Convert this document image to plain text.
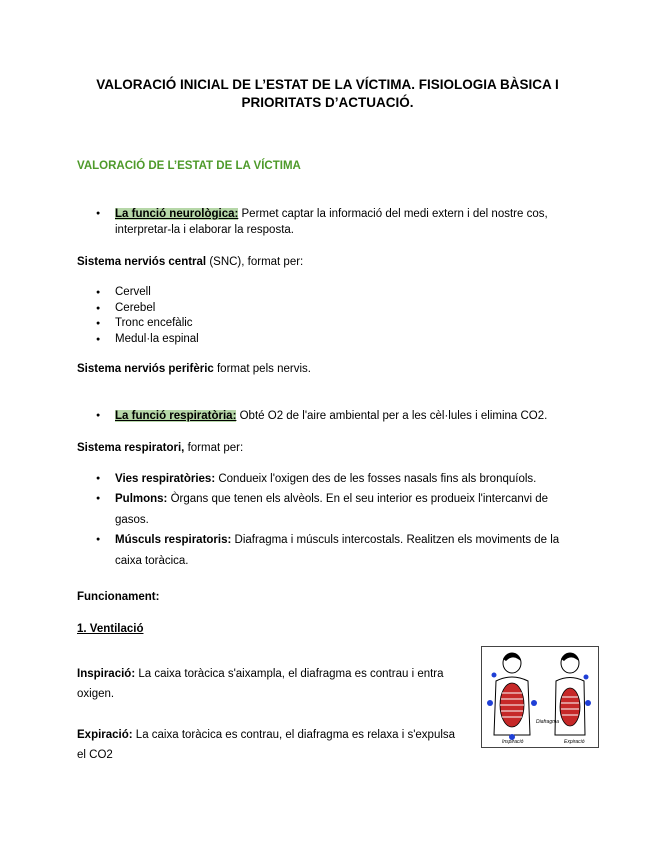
VALORACIÓ INICIAL DE L’ESTAT DE LA VÍCTIMA. FISIOLOGIA BÀSICA I
PRIORITATS D’ACTUACIÓ.
VALORACIÓ DE L’ESTAT DE LA VÍCTIMA
●
La funció neurològica: Permet captar la informació del medi extern i del nostre cos,
interpretar-la i elaborar la resposta.
Sistema nerviós central (SNC), format per:
●
Cervell
●
Cerebel
●
Tronc encefàlic
●
Medul·la espinal
Sistema nerviós perifèric format pels nervis.
●
La funció respiratòria: Obté O2 de l'aire ambiental per a les cèl·lules i elimina CO2.
Sistema respiratori, format per:
●
Vies respiratòries: Condueix l'oxigen des de les fosses nasals fins als bronquíols.
●
Pulmons: Òrgans que tenen els alvèols. En el seu interior es produeix l'intercanvi de
gasos.
●
Músculs respiratoris: Diafragma i músculs intercostals. Realitzen els moviments de la
caixa toràcica.
Funcionament:
1. Ventilació
Inspiració: La caixa toràcica s'aixampla, el diafragma es contrau i entra
oxigen.
Expiració: La caixa toràcica es contrau, el diafragma es relaxa i s'expulsa
el CO2
Diafragma
Inspiració	Expiració
